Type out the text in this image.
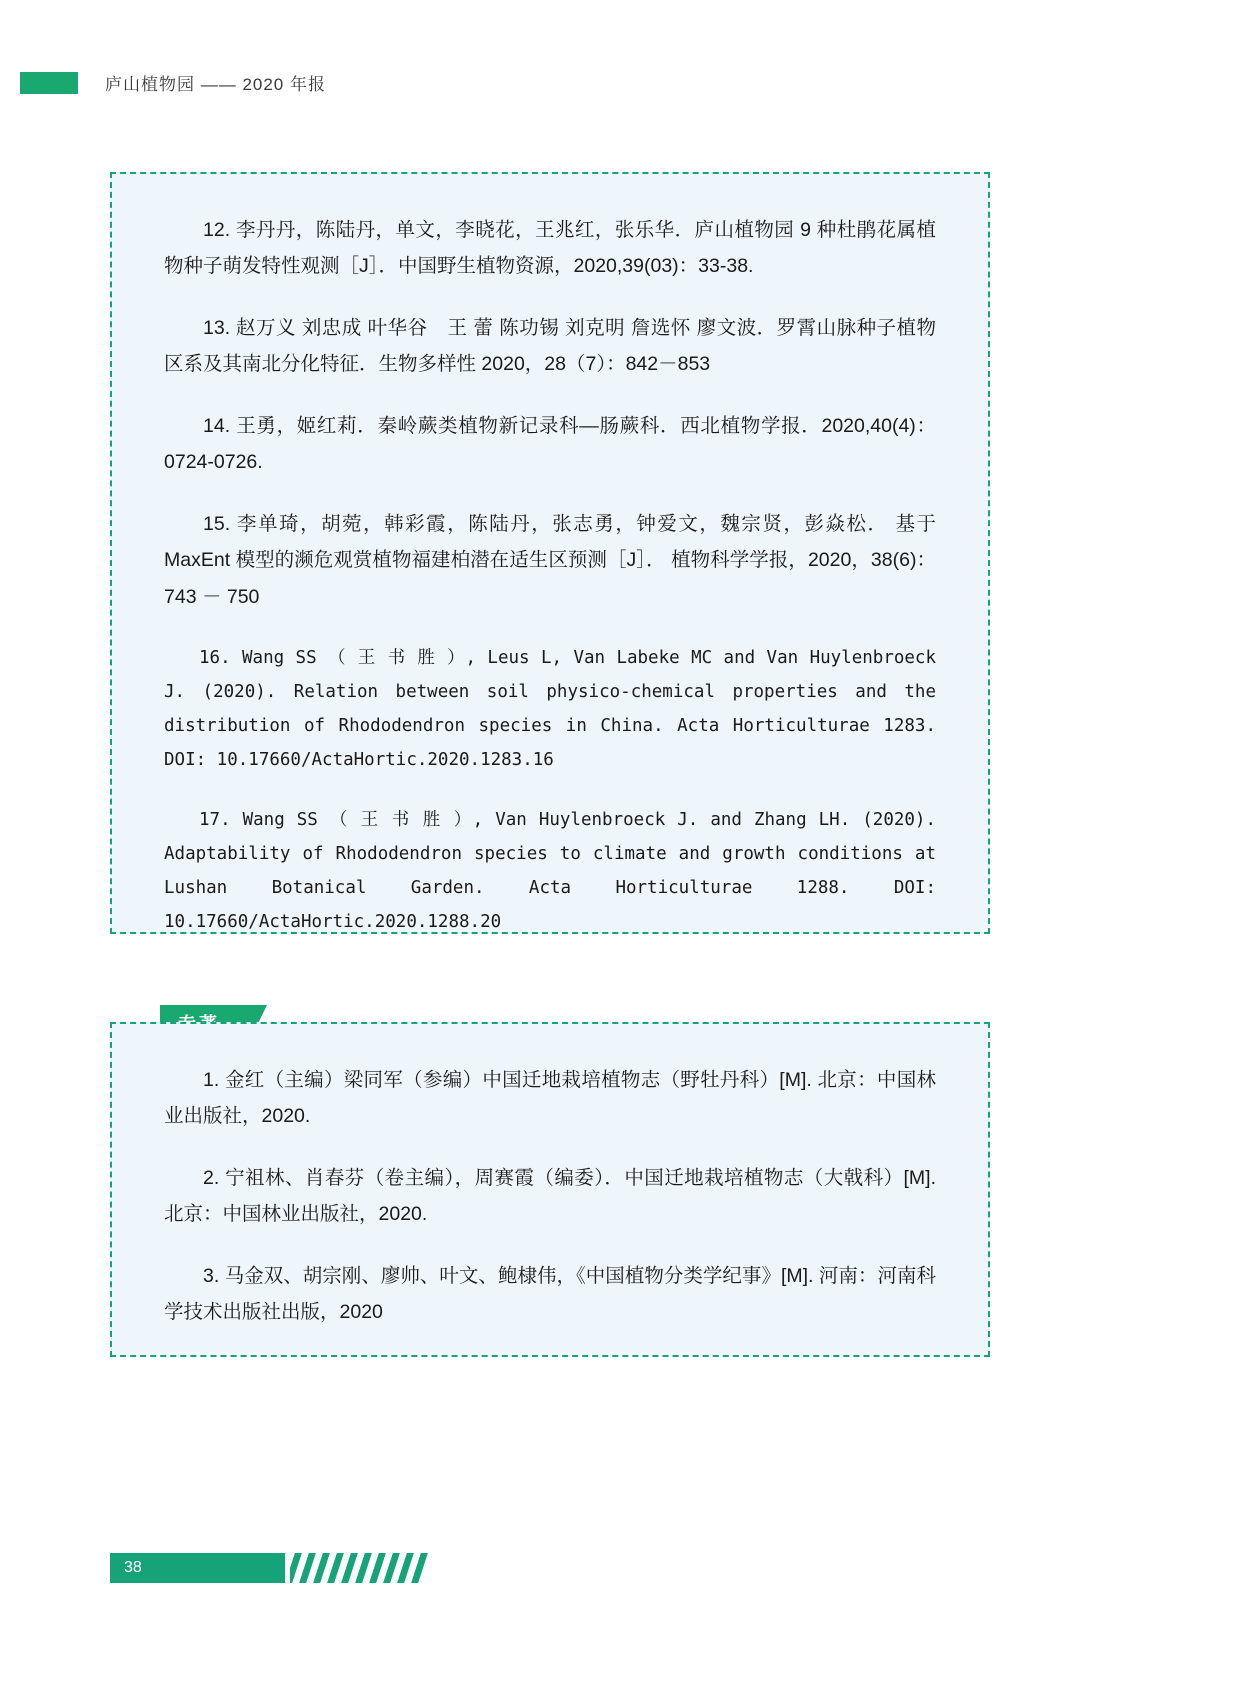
庐山植物园 —— 2020 年报

12. 李丹丹，陈陆丹，单文，李晓花，王兆红，张乐华．庐山植物园 9 种杜鹃花属植物种子萌发特性观测［J］．中国野生植物资源，2020,39(03)：33-38.

13. 赵万义 刘忠成 叶华谷　王 蕾 陈功锡 刘克明 詹选怀 廖文波．罗霄山脉种子植物区系及其南北分化特征．生物多样性 2020，28（7）：842－853

14. 王勇，姬红莉．秦岭蕨类植物新记录科—肠蕨科．西北植物学报．2020,40(4)：0724-0726.

15. 李单琦，胡菀，韩彩霞，陈陆丹，张志勇，钟爱文，魏宗贤，彭焱松． 基于 MaxEnt 模型的濒危观赏植物福建柏潜在适生区预测［J］． 植物科学学报，2020，38(6)：743 － 750

16. Wang SS （ 王 书 胜 ）, Leus L, Van Labeke MC and Van Huylenbroeck J. (2020). Relation between soil physico-chemical properties and the distribution of Rhododendron species in China. Acta Horticulturae 1283. DOI: 10.17660/ActaHortic.2020.1283.16

17. Wang SS （ 王 书 胜 ）, Van Huylenbroeck J. and Zhang LH. (2020). Adaptability of Rhododendron species to climate and growth conditions at Lushan Botanical Garden. Acta Horticulturae 1288. DOI: 10.17660/ActaHortic.2020.1288.20

1. 金红（主编）梁同军（参编）中国迁地栽培植物志（野牡丹科）[M]. 北京：中国林业出版社，2020.

2. 宁祖林、肖春芬（卷主编），周赛霞（编委）．中国迁地栽培植物志（大戟科）[M]. 北京：中国林业出版社，2020.

3. 马金双、胡宗刚、廖帅、叶文、鲍棣伟，《中国植物分类学纪事》[M]. 河南：河南科学技术出版社出版，2020

38
